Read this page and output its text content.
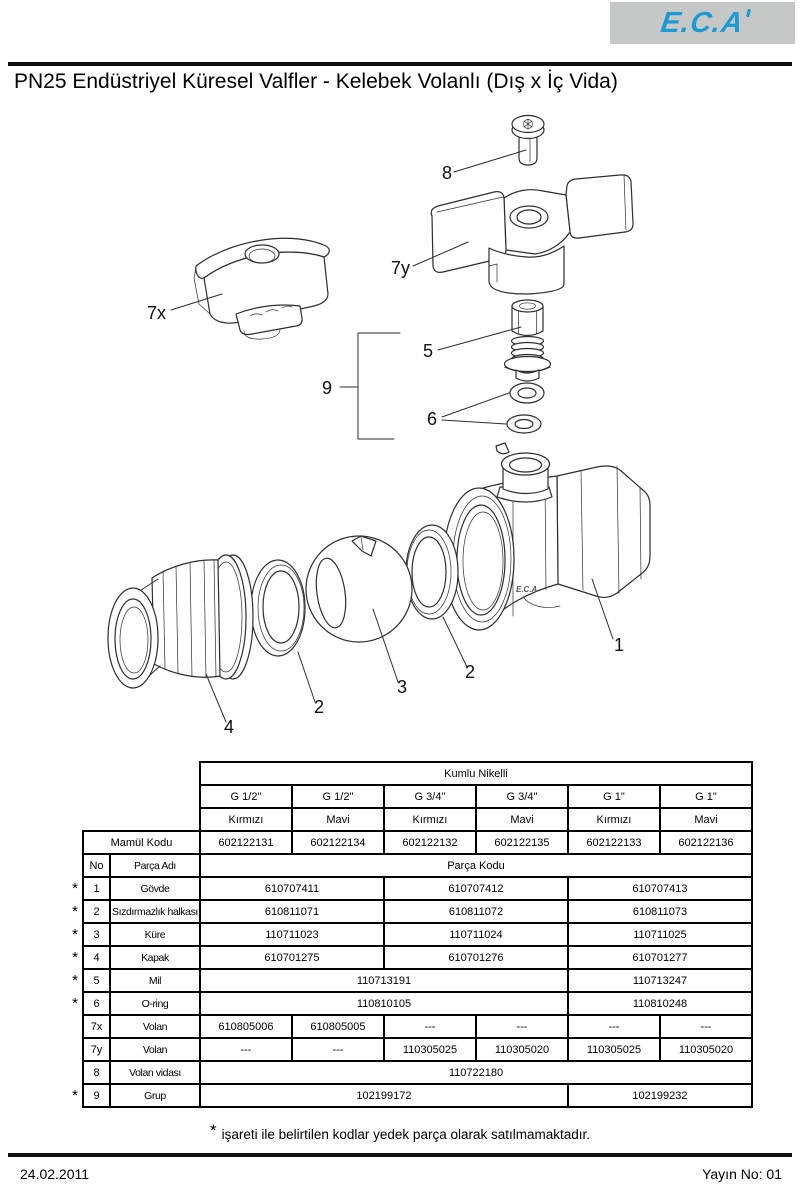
E.C.A
PN25 Endüstriyel Küresel Valfler - Kelebek Volanlı (Dış x İç Vida)
8
7y
7x
5
9
6
E.C.A
1
2
3
2
4
			Kumlu Nikelli					
			G 1/2"	G 1/2"	G 3/4"	G 3/4"	G 1"	G 1"
			Kırmızı	Mavi	Kırmızı	Mavi	Kırmızı	Mavi
	Mamül Kodu		602122131	602122134	602122132	602122135	602122133	602122136
	No	Parça Adı	Parça Kodu					
*	1	Gövde	610707411		610707412		610707413	
*	2	Sızdırmazlık halkası	610811071		610811072		610811073	
*	3	Küre	110711023		110711024		110711025	
*	4	Kapak	610701275		610701276		610701277	
*	5	Mil	110713191				110713247	
*	6	O-ring	110810105				110810248	
	7x	Volan	610805006	610805005	---	---	---	---
	7y	Volan	---	---	110305025	110305020	110305025	110305020
	8	Volan vidası	110722180					
*	9	Grup	102199172				102199232	
* işareti ile belirtilen kodlar yedek parça olarak satılmamaktadır.
24.02.2011	Yayın No: 01
